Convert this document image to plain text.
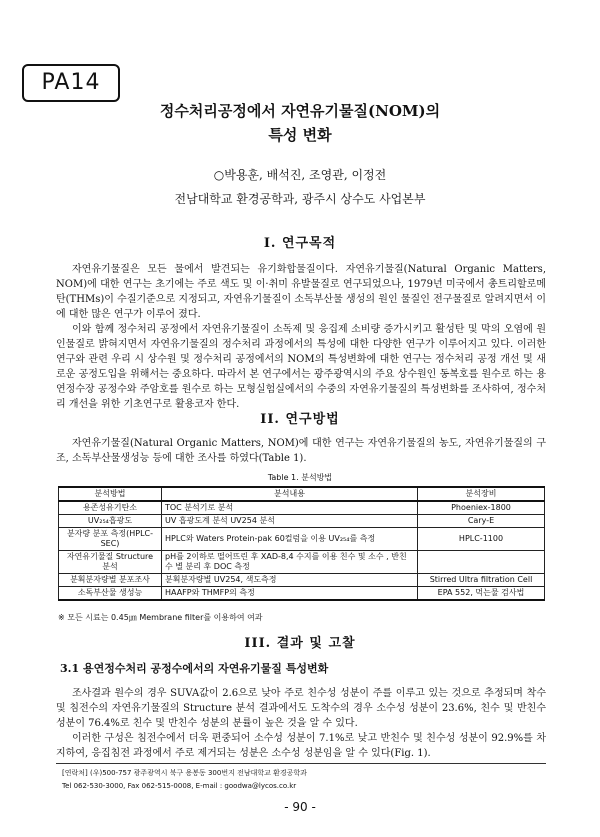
PA14
정수처리공정에서 자연유기물질(NOM)의
특성 변화
○박용훈, 배석진, 조영관, 이정전
전남대학교 환경공학과, 광주시 상수도 사업본부
I. 연구목적

자연유기물질은 모든 물에서 발견되는 유기화합물질이다. 자연유기물질(Natural Organic Matters, NOM)에 대한 연구는 초기에는 주로 색도 및 이·취미 유발물질로 연구되었으나, 1979년 미국에서 총트리할로메탄(THMs)이 수질기준으로 지정되고, 자연유기물질이 소독부산물 생성의 원인 물질인 전구물질로 알려지면서 이에 대한 많은 연구가 이루어 졌다.

이와 함께 정수처리 공정에서 자연유기물질이 소독제 및 응집제 소비량 증가시키고 활성탄 및 막의 오염에 원인물질로 밝혀지면서 자연유기물질의 정수처리 과정에서의 특성에 대한 다양한 연구가 이루어지고 있다. 이러한 연구와 관련 우리 시 상수원 및 정수처리 공정에서의 NOM의 특성변화에 대한 연구는 정수처리 공정 개선 및 새로운 공정도입을 위해서는 중요하다. 따라서 본 연구에서는 광주광역시의 주요 상수원인 동복호를 원수로 하는 용연정수장 공정수와 주암호를 원수로 하는 모형실험실에서의 수중의 자연유기물질의 특성변화를 조사하여, 정수처리 개선을 위한 기초연구로 활용코자 한다.

II. 연구방법

자연유기물질(Natural Organic Matters, NOM)에 대한 연구는 자연유기물질의 농도, 자연유기물질의 구조, 소독부산물생성능 등에 대한 조사를 하였다(Table 1).

Table 1. 분석방법
분석방법	분석내용	분석장비
용존성유기탄소	TOC 분석기로 분석	Phoeniex-1800
UV₂₅₄흡광도	UV 흡광도계 분석 UV254 분석	Cary-E
분자량 분포 측정(HPLC-SEC)	HPLC와 Waters Protein-pak 60컬럼을 이용 UV₂₅₄를 측정	HPLC-1100
자연유기물질 Structure 분석	pH를 2이하로 떨어뜨린 후 XAD-8,4 수지를 이용 친수 및 소수 , 반친수 별 분리 후 DOC 측정	
분획분자량별 분포조사	분획분자량별 UV254, 색도측정	Stirred Ultra filtration Cell
소독부산물 생성능	HAAFP와 THMFP의 측정	EPA 552, 먹는물 검사법
※ 모든 시료는 0.45㎛ Membrane filter를 이용하여 여과
III. 결과 및 고찰
3.1 용연정수처리 공정수에서의 자연유기물질 특성변화

조사결과 원수의 경우 SUVA값이 2.6으로 낮아 주로 친수성 성분이 주를 이루고 있는 것으로 추정되며 착수 및 침전수의 자연유기물질의 Structure 분석 결과에서도 도착수의 경우 소수성 성분이 23.6%, 친수 및 반친수 성분이 76.4%로 친수 및 반친수 성분의 분률이 높은 것을 알 수 있다.

이러한 구성은 침전수에서 더욱 편중되어 소수성 성분이 7.1%로 낮고 반친수 및 친수성 성분이 92.9%를 차지하여, 응집침전 과정에서 주로 제거되는 성분은 소수성 성분임을 알 수 있다(Fig. 1).

[연락처] (우)500-757 광주광역시 북구 용봉동 300번지 전남대학교 환경공학과
Tel 062-530-3000, Fax 062-515-0008, E-mail : goodwa@lycos.co.kr
- 90 -
